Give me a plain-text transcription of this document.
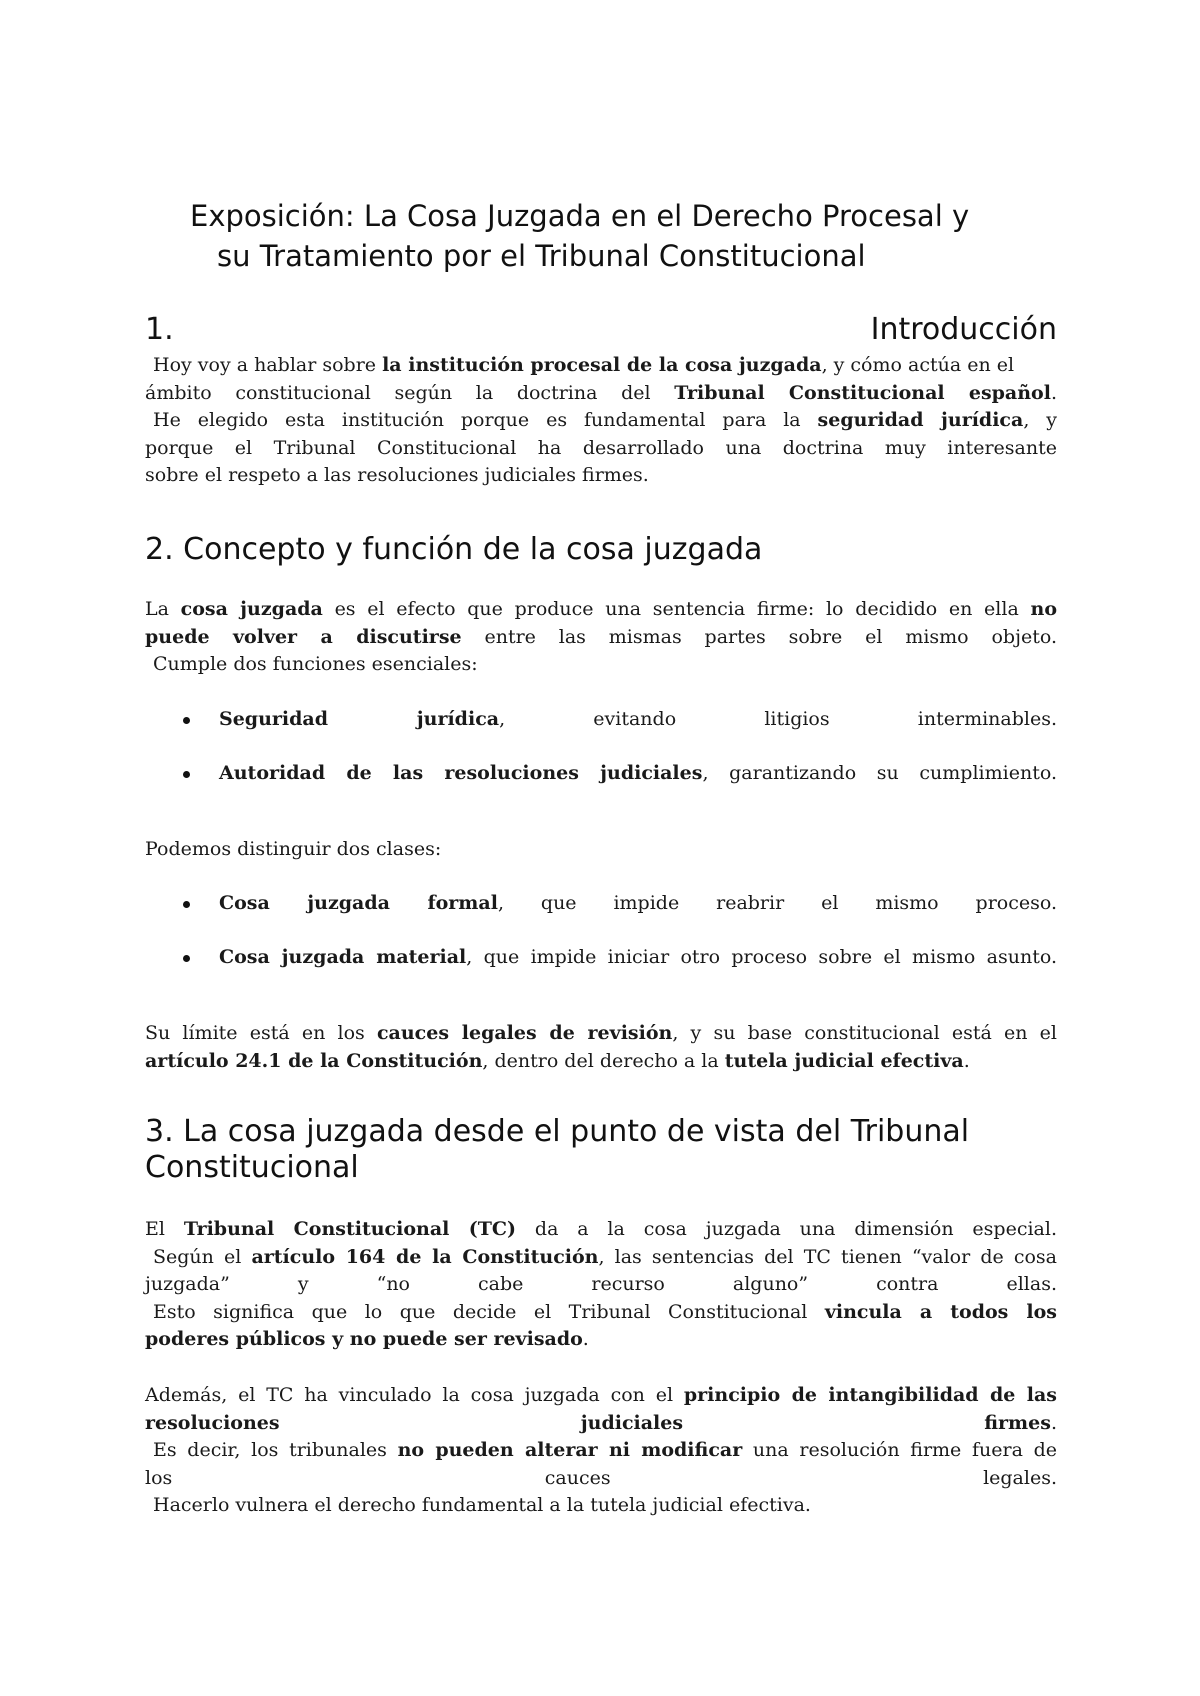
Exposición: La Cosa Juzgada en el Derecho Procesal y
su Tratamiento por el Tribunal Constitucional
1.	Introducción
Hoy voy a hablar sobre la institución procesal de la cosa juzgada, y cómo actúa en el
ámbito constitucional según la doctrina del Tribunal Constitucional español.
He elegido esta institución porque es fundamental para la seguridad jurídica, y
porque el Tribunal Constitucional ha desarrollado una doctrina muy interesante
sobre el respeto a las resoluciones judiciales firmes.
2. Concepto y función de la cosa juzgada
La cosa juzgada es el efecto que produce una sentencia firme: lo decidido en ella no
puede volver a discutirse entre las mismas partes sobre el mismo objeto.
Cumple dos funciones esenciales:
Seguridad jurídica, evitando litigios interminables.
Autoridad de las resoluciones judiciales, garantizando su cumplimiento.
Podemos distinguir dos clases:
Cosa juzgada formal, que impide reabrir el mismo proceso.
Cosa juzgada material, que impide iniciar otro proceso sobre el mismo asunto.
Su límite está en los cauces legales de revisión, y su base constitucional está en el
artículo 24.1 de la Constitución, dentro del derecho a la tutela judicial efectiva.
3. La cosa juzgada desde el punto de vista del Tribunal
Constitucional
El Tribunal Constitucional (TC) da a la cosa juzgada una dimensión especial.
Según el artículo 164 de la Constitución, las sentencias del TC tienen “valor de cosa
juzgada” y “no cabe recurso alguno” contra ellas.
Esto significa que lo que decide el Tribunal Constitucional vincula a todos los
poderes públicos y no puede ser revisado.
Además, el TC ha vinculado la cosa juzgada con el principio de intangibilidad de las
resoluciones judiciales firmes.
Es decir, los tribunales no pueden alterar ni modificar una resolución firme fuera de
los cauces legales.
Hacerlo vulnera el derecho fundamental a la tutela judicial efectiva.
